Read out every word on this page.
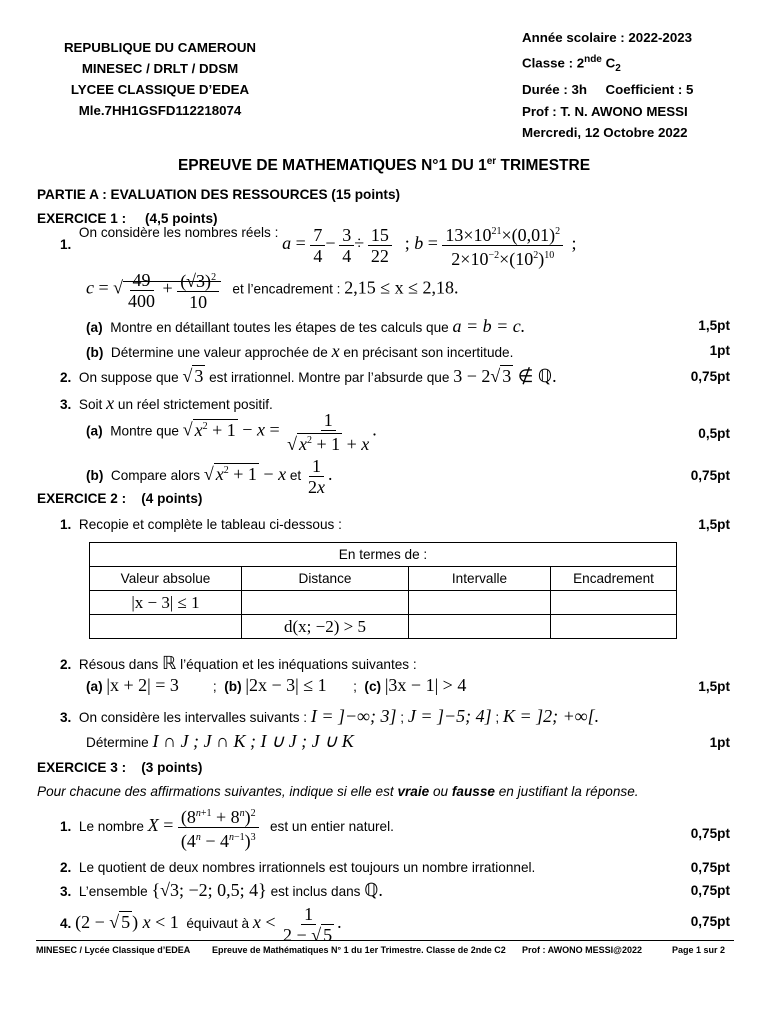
REPUBLIQUE DU CAMEROUN
MINESEC / DRLT / DDSM
LYCEE CLASSIQUE D’EDEA
Mle.7HH1GSFD112218074
Année scolaire : 2022-2023
Classe : 2nde $C_2$
Durée : 3h Coefficient : 5
Prof : T. N. AWONO MESSI
Mercredi, 12 Octobre 2022
EPREUVE DE MATHEMATIQUES N°1 DU 1er TRIMESTRE
PARTIE A : EVALUATION DES RESSOURCES (15 points)
EXERCICE 1 : (4,5 points)
1.  On considère les nombres réels : $a = \frac{7}{4} - \frac{3}{4} \div \frac{15}{22}$ ; $b = \frac{13\times 10^{21}\times(0,01)^2}{2\times 10^{-2}\times(10^2)^{10}}$ ;
c = √ $\frac{49}{400} + \frac{(√3)^2}{10}$ et l’encadrement : 2,15 ≤ x ≤ 2,18.
(a) Montre en détaillant toutes les étapes de tes calculs que a = b = c.	1,5pt
(b) Détermine une valeur approchée de x en précisant son incertitude.	1pt
2. On suppose que √ 3 est irrationnel. Montre par l’absurde que 3 − 2√ 3 ∉ ℚ.	0,75pt
3. Soit x un réel strictement positif.
(a) Montre que √ $x^2 + 1 - x = \frac{1}{√ x^2 + 1 + x}$ .	0,5pt
(b) Compare alors √ $x^2 + 1 - x$ et $\frac{1}{2x}$ .	0,75pt
EXERCICE 2 : (4 points)
1. Recopie et complète le tableau ci-dessous :	1,5pt
En termes de :			
Valeur absolue	Distance	Intervalle	Encadrement
|x − 3| ≤ 1			
	d(x; −2) > 5		
2. Résous dans ℝ l’équation et les inéquations suivantes :
(a) |x + 2| = 3         ;  (b) |2x − 3| ≤ 1       ;  (c) |3x − 1| > 4	1,5pt
3. On considère les intervalles suivants : I = ]−∞; 3] ; J = ]−5; 4] ; K = ]2; +∞[.
Détermine I ∩ J ; J ∩ K ; I ∪ J ; J ∪ K	1pt
EXERCICE 3 : (3 points)
Pour chacune des affirmations suivantes, indique si elle est vraie ou fausse en justifiant la réponse.
1. Le nombre $X = \frac{(8^{n+1} + 8^n)^2}{(4^n - 4^{n-1})^3}$ est un entier naturel.	0,75pt
2. Le quotient de deux nombres irrationnels est toujours un nombre irrationnel.	0,75pt
3. L’ensemble {√3; −2; 0,5; 4} est inclus dans ℚ.	0,75pt
4. (2 − √ 5 ) x < 1 équivaut à $x < \frac{1}{2 - √ 5}$ .	0,75pt
MINESEC / Lycée Classique d’EDEA Epreuve de Mathématiques N° 1 du 1er Trimestre. Classe de 2nde C2 Prof : AWONO MESSI@2022	Page 1 sur 2
